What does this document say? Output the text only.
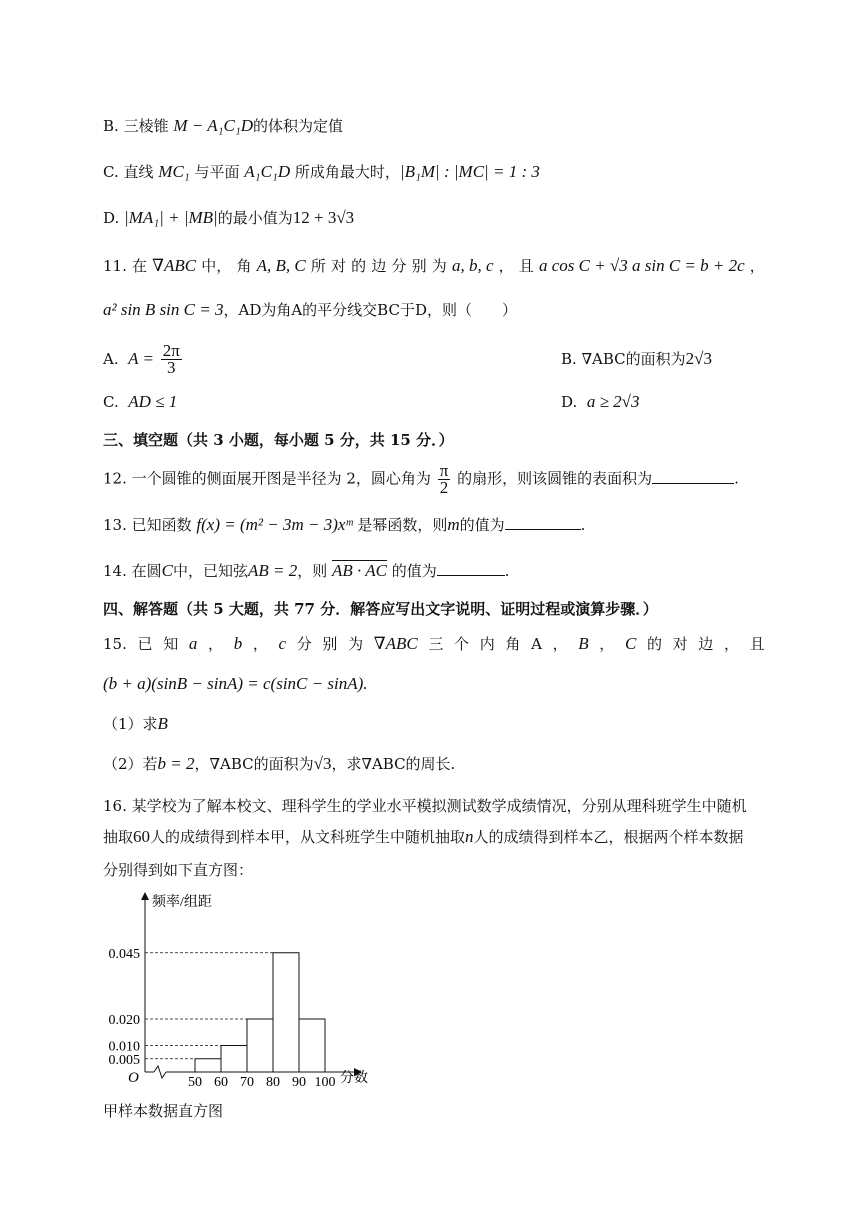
B. 三棱锥 M − A₁C₁D的体积为定值
C. 直线 MC₁ 与平面 A₁C₁D 所成角最大时，|B₁M| : |MC| = 1 : 3
D. |MA₁| + |MB|的最小值为12 + 3√3
11. 在 ∇ABC 中， 角 A, B, C 所 对 的 边 分 别 为 a, b, c ， 且 a cos C + √3 a sin C = b + 2c ，
a² sin B sin C = 3，AD为角A的平分线交BC于D，则（　　）
A. $A = \frac{2\pi}{3}$	B. ∇ABC的面积为2√3
C. AD ≤ 1	D. a ≥ 2√3
三、填空题（共 3 小题，每小题 5 分，共 15 分．）
12. 一个圆锥的侧面展开图是半径为 2，圆心角为 $\frac{\pi}{2}$ 的扇形，则该圆锥的表面积为	.
13. 已知函数 f(x) = (m² − 3m − 3)xᵐ 是幂函数，则m的值为	.
14. 在圆C中，已知弦AB = 2，则 AB · AC 的值为	.
四、解答题（共 5 大题，共 77 分．解答应写出文字说明、证明过程或演算步骤．）
15. 已 知 a ， b ， c 分 别 为 ∇ABC 三 个 内 角 A ， B ， C 的 对 边 ， 且
(b + a)(sinB − sinA) = c(sinC − sinA).
（1）求B
（2）若b = 2，∇ABC的面积为√3，求∇ABC的周长.
16. 某学校为了解本校文、理科学生的学业水平模拟测试数学成绩情况，分别从理科班学生中随机
抽取60人的成绩得到样本甲，从文科班学生中随机抽取n人的成绩得到样本乙，根据两个样本数据
分别得到如下直方图：
频率/组距
分数
O
0.005
0.010
0.020
0.045
50 60 70 80 90 100
甲样本数据直方图
